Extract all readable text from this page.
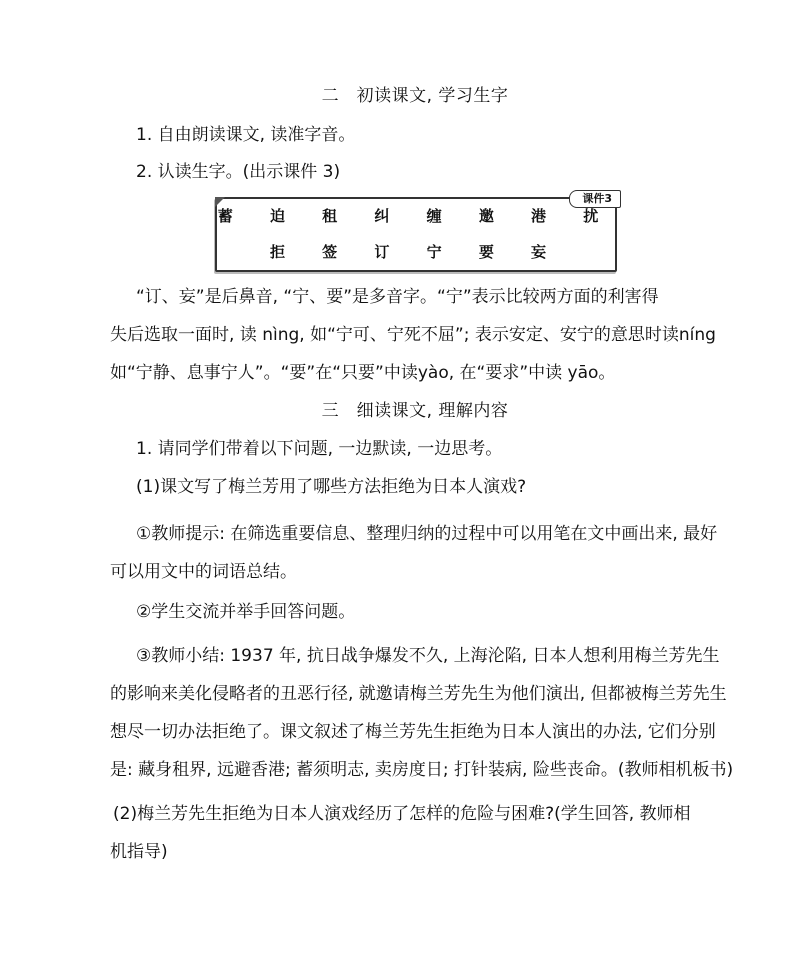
二　初读课文, 学习生字
1. 自由朗读课文, 读准字音。
2. 认读生字。(出示课件 3)
课件3
蓄 迫 租 纠 缠 邀 港 扰
拒 签 订 宁 要 妄
“订、妄”是后鼻音, “宁、要”是多音字。“宁”表示比较两方面的利害得
失后选取一面时, 读 nìng, 如“宁可、宁死不屈”; 表示安定、安宁的意思时读níng
如“宁静、息事宁人”。“要”在“只要”中读yào, 在“要求”中读 yāo。
三　细读课文, 理解内容
1. 请同学们带着以下问题, 一边默读, 一边思考。
(1)课文写了梅兰芳用了哪些方法拒绝为日本人演戏?
①教师提示: 在筛选重要信息、整理归纳的过程中可以用笔在文中画出来, 最好
可以用文中的词语总结。
②学生交流并举手回答问题。
③教师小结: 1937 年, 抗日战争爆发不久, 上海沦陷, 日本人想利用梅兰芳先生
的影响来美化侵略者的丑恶行径, 就邀请梅兰芳先生为他们演出, 但都被梅兰芳先生
想尽一切办法拒绝了。课文叙述了梅兰芳先生拒绝为日本人演出的办法, 它们分别
是: 藏身租界, 远避香港; 蓄须明志, 卖房度日; 打针装病, 险些丧命。(教师相机板书)
(2)梅兰芳先生拒绝为日本人演戏经历了怎样的危险与困难?(学生回答, 教师相
机指导)
